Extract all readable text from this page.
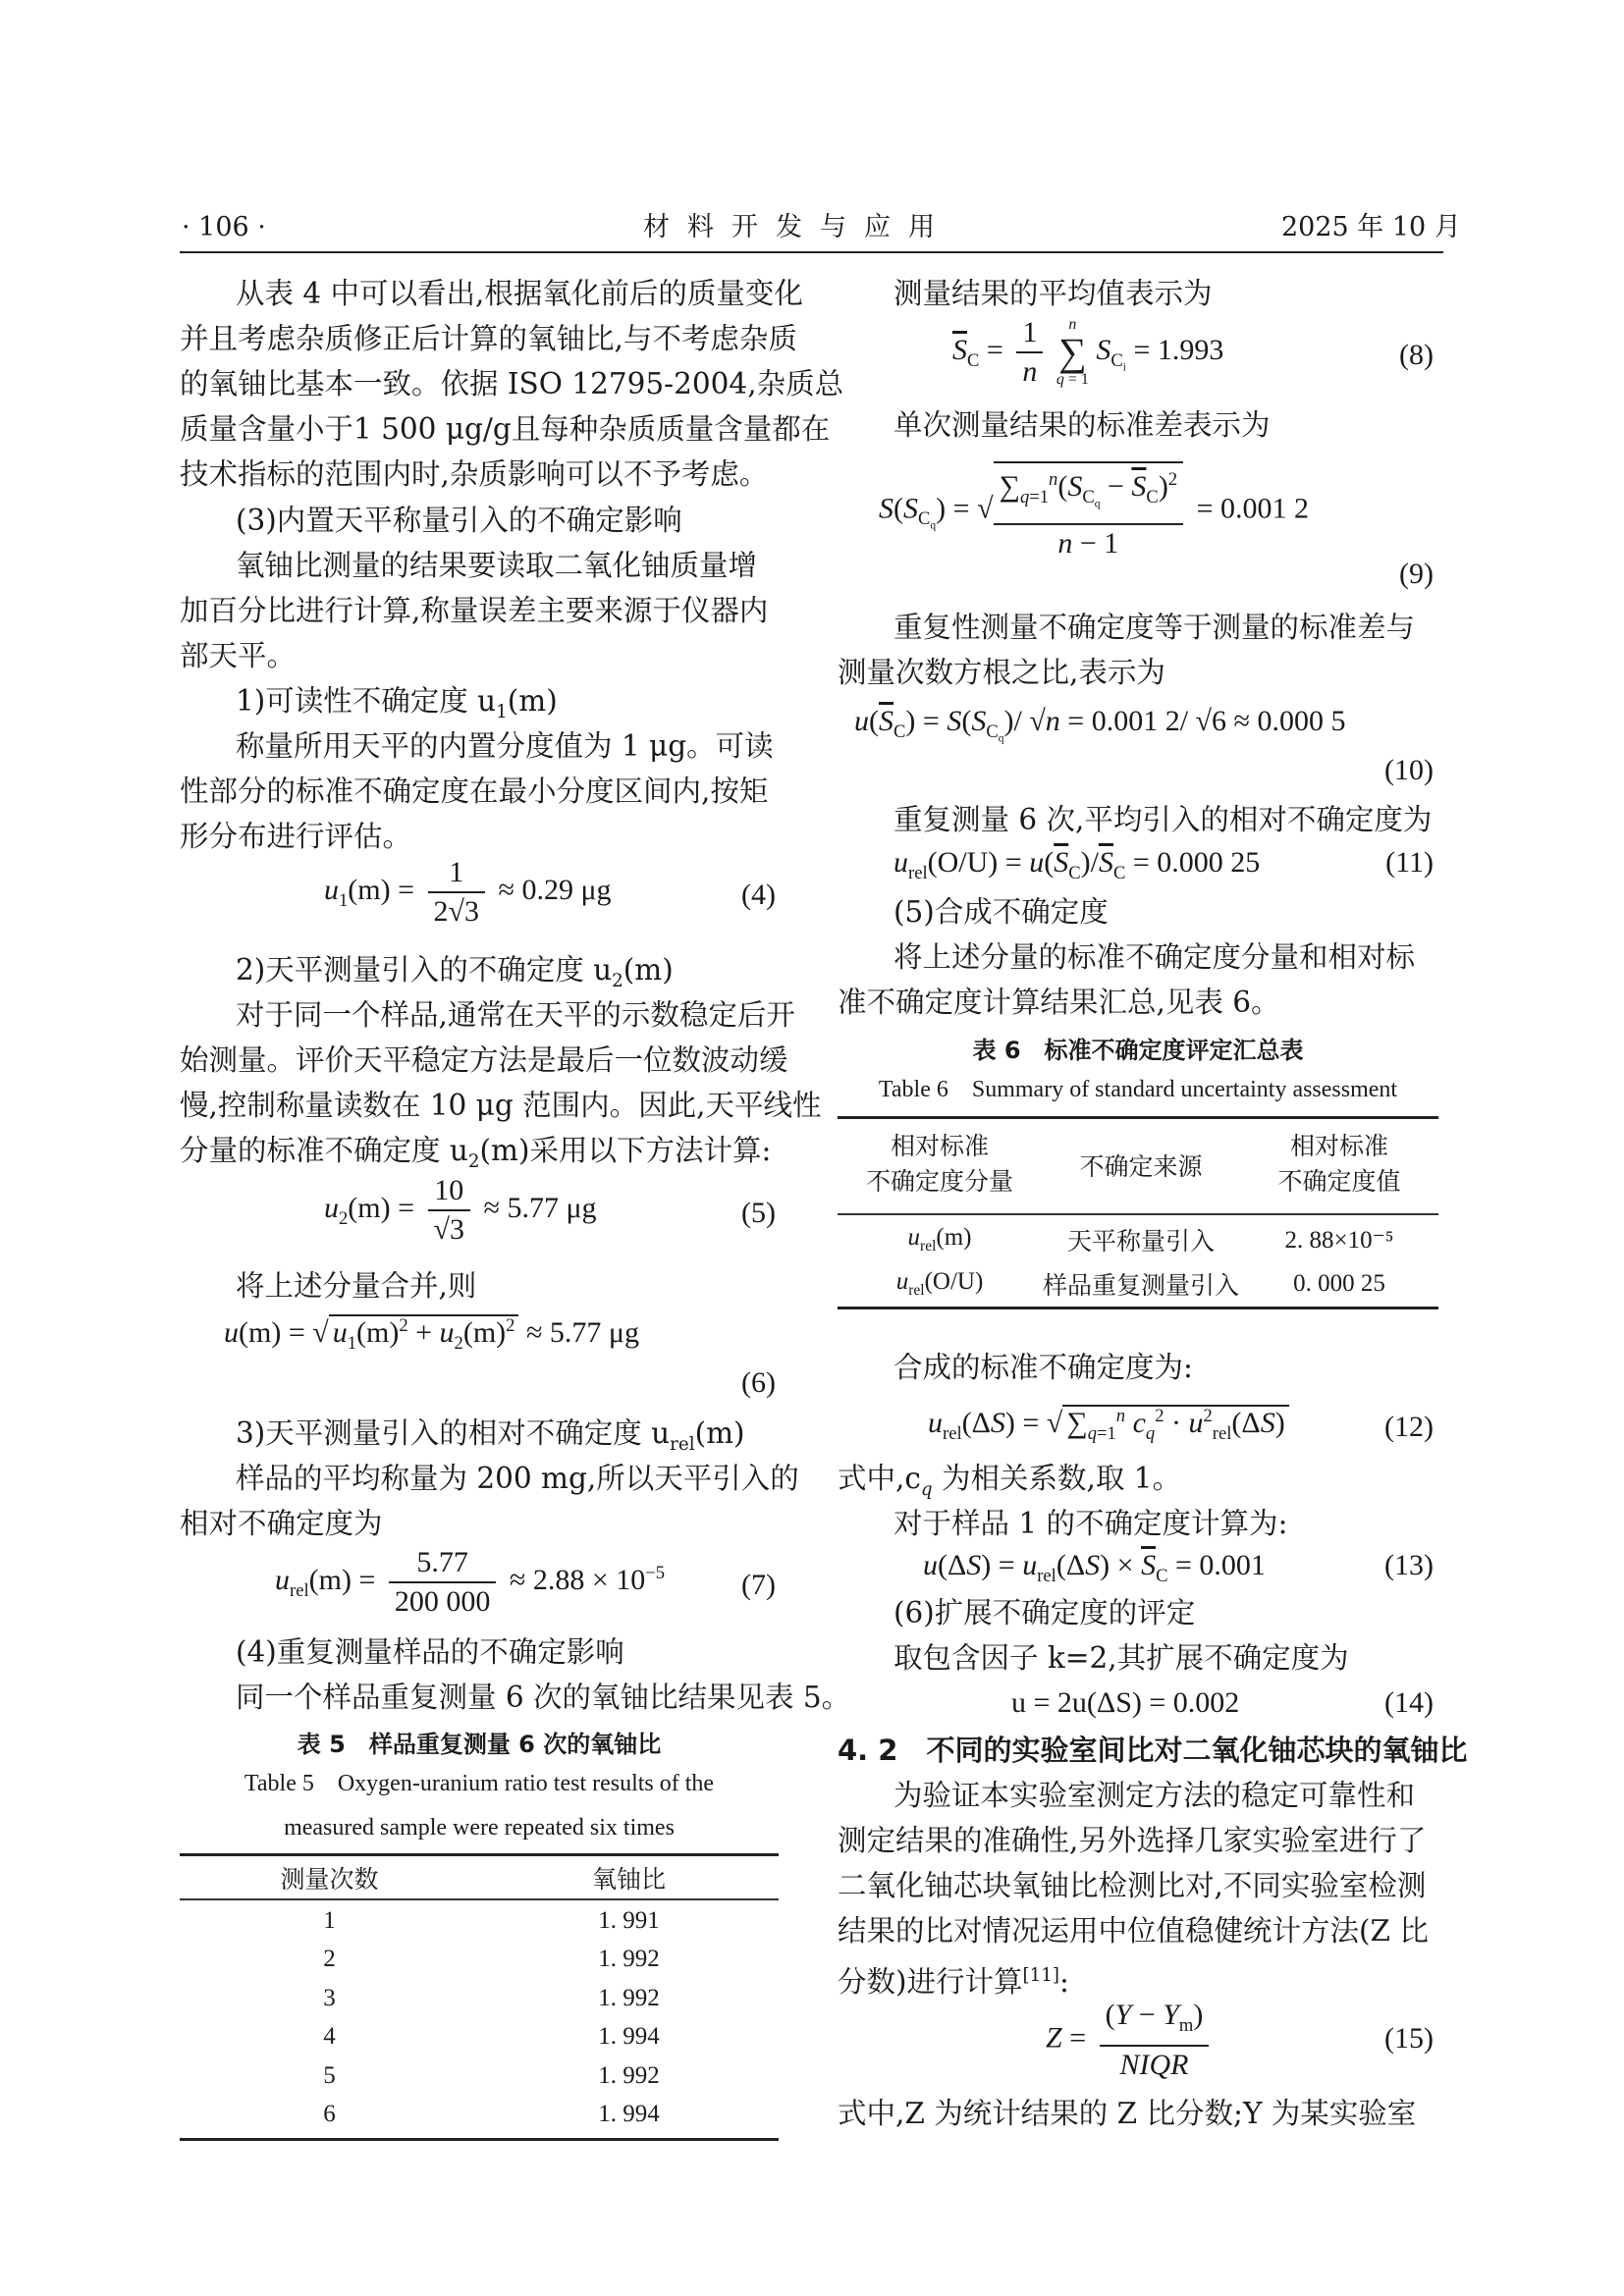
· 106 ·	材料开发与应用	2025 年 10 月
从表 4 中可以看出,根据氧化前后的质量变化
并且考虑杂质修正后计算的氧铀比,与不考虑杂质
的氧铀比基本一致。依据 ISO 12795-2004,杂质总
质量含量小于1 500 μg/g且每种杂质质量含量都在
技术指标的范围内时,杂质影响可以不予考虑。
(3)内置天平称量引入的不确定影响
氧铀比测量的结果要读取二氧化铀质量增
加百分比进行计算,称量误差主要来源于仪器内
部天平。
1)可读性不确定度 $u_1(m)$
称量所用天平的内置分度值为 1 μg。可读
性部分的标准不确定度在最小分度区间内,按矩
形分布进行评估。
$u_1(m) = \frac{1}{2√3} \approx 0.29$ μg	(4)
2)天平测量引入的不确定度 $u_2(m)$
对于同一个样品,通常在天平的示数稳定后开
始测量。评价天平稳定方法是最后一位数波动缓
慢,控制称量读数在 10 μg 范围内。因此,天平线性
分量的标准不确定度 $u_2(m)$采用以下方法计算:
$u_2(m) = \frac{10}{√3} \approx 5.77$ μg	(5)
将上述分量合并,则
u(m) = √ $u_1(m)^2 + u_2(m)^2 \approx 5.77$ μg
(6)
3)天平测量引入的相对不确定度 $u_{rel}(m)$
样品的平均称量为 200 mg,所以天平引入的
相对不确定度为
$u_{rel}(m) = \frac{5.77}{200 000} \approx 2.88 \times 10^{-5}$	(7)
(4)重复测量样品的不确定影响
同一个样品重复测量 6 次的氧铀比结果见表 5。
表 5　样品重复测量 6 次的氧铀比
Table 5　Oxygen-uranium ratio test results of the
measured sample were repeated six times
测量次数	氧铀比
1	1. 991
2	1. 992
3	1. 992
4	1. 994
5	1. 992
6	1. 994
测量结果的平均值表示为
$\overline{S}_C = \frac{1}{n}$
	n
∑
q = 1
$S_{C_i} = 1.993$	(8)
单次测量结果的标准差表示为
$S(S_{C_q})$ = √ $\frac{\sum_{q=1}^n(S_{C_q} - \overline{S}_C)^2}{n - 1} = 0.001$ 2
(9)
重复性测量不确定度等于测量的标准差与
测量次数方根之比,表示为
$u(\overline{S}_C) = S(S_{C_q})/$ √n = 0.001 2/ √6 ≈ 0.000 5
(10)
重复测量 6 次,平均引入的相对不确定度为
$u_{rel}(O/U) = u(\overline{S}_C)/\overline{S}_C = 0.000$ 25	(11)
(5)合成不确定度
将上述分量的标准不确定度分量和相对标
准不确定度计算结果汇总,见表 6。
表 6　标准不确定度评定汇总表
Table 6　Summary of standard uncertainty assessment
相对标准
不确定度分量	不确定来源	相对标准
不确定度值
$u_{rel}(m)$	天平称量引入	2. 88×10⁻⁵
$u_{rel}(O/U)$	样品重复测量引入	0. 000 25
合成的标准不确定度为:
$u_{rel}(\Delta S)$ = √ $\sum_{q=1}^n$ $c_q^2 \cdot u^2_{rel}(\Delta S)$	(12)
式中$,c_q$ 为相关系数,取 1。
对于样品 1 的不确定度计算为:
$u(\Delta S) = u_{rel}(\Delta S) \times \overline{S}_C = 0.001$	(13)
(6)扩展不确定度的评定
取包含因子 k=2,其扩展不确定度为
u = 2u(ΔS) = 0.002	(14)
4. 2　不同的实验室间比对二氧化铀芯块的氧铀比
为验证本实验室测定方法的稳定可靠性和
测定结果的准确性,另外选择几家实验室进行了
二氧化铀芯块氧铀比检测比对,不同实验室检测
结果的比对情况运用中位值稳健统计方法(Z 比
分数)进行计算[11]:
$Z = \frac{(Y - Y_m)}{\text{NIQR}}$	(15)
式中,Z 为统计结果的 Z 比分数;Y 为某实验室
